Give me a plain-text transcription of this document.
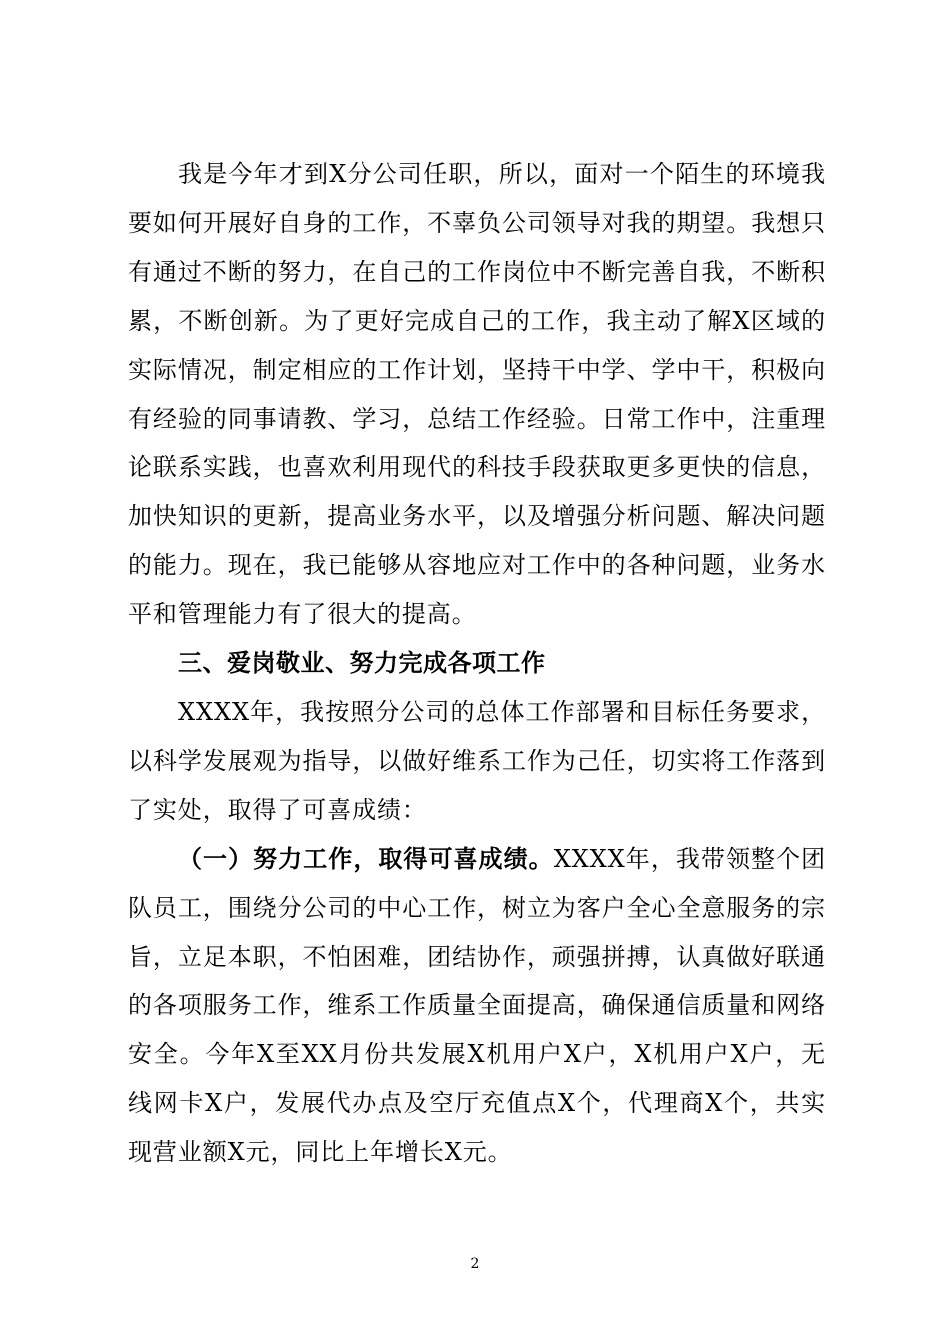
我是今年才到X分公司任职，所以，面对一个陌生的环境我要如何开展好自身的工作，不辜负公司领导对我的期望。我想只有通过不断的努力，在自己的工作岗位中不断完善自我，不断积累，不断创新。为了更好完成自己的工作，我主动了解X区域的实际情况，制定相应的工作计划，坚持干中学、学中干，积极向有经验的同事请教、学习，总结工作经验。日常工作中，注重理论联系实践，也喜欢利用现代的科技手段获取更多更快的信息，加快知识的更新，提高业务水平，以及增强分析问题、解决问题的能力。现在，我已能够从容地应对工作中的各种问题，业务水平和管理能力有了很大的提高。

三、爱岗敬业、努力完成各项工作

XXXX年，我按照分公司的总体工作部署和目标任务要求，以科学发展观为指导，以做好维系工作为己任，切实将工作落到了实处，取得了可喜成绩：

（一）努力工作，取得可喜成绩。XXXX年，我带领整个团队员工，围绕分公司的中心工作，树立为客户全心全意服务的宗旨，立足本职，不怕困难，团结协作，顽强拼搏，认真做好联通的各项服务工作，维系工作质量全面提高，确保通信质量和网络安全。今年X至XX月份共发展X机用户X户，X机用户X户，无线网卡X户，发展代办点及空厅充值点X个，代理商X个，共实现营业额X元，同比上年增长X元。

2
